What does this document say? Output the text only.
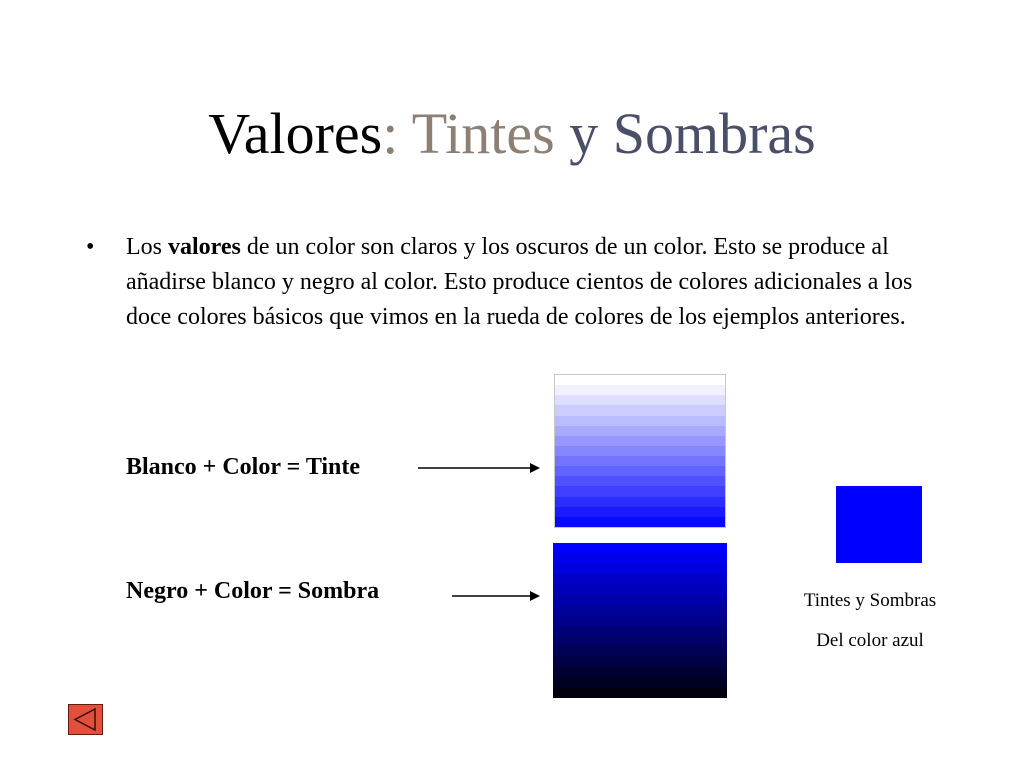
Valores: Tintes y Sombras
• Los valores de un color son claros y los oscuros de un color. Esto se produce al añadirse blanco y negro al color. Esto produce cientos de colores adicionales a los doce colores básicos que vimos en la rueda de colores de los ejemplos anteriores.
Blanco + Color = Tinte
Negro + Color = Sombra	Tintes y Sombras
Del color azul
